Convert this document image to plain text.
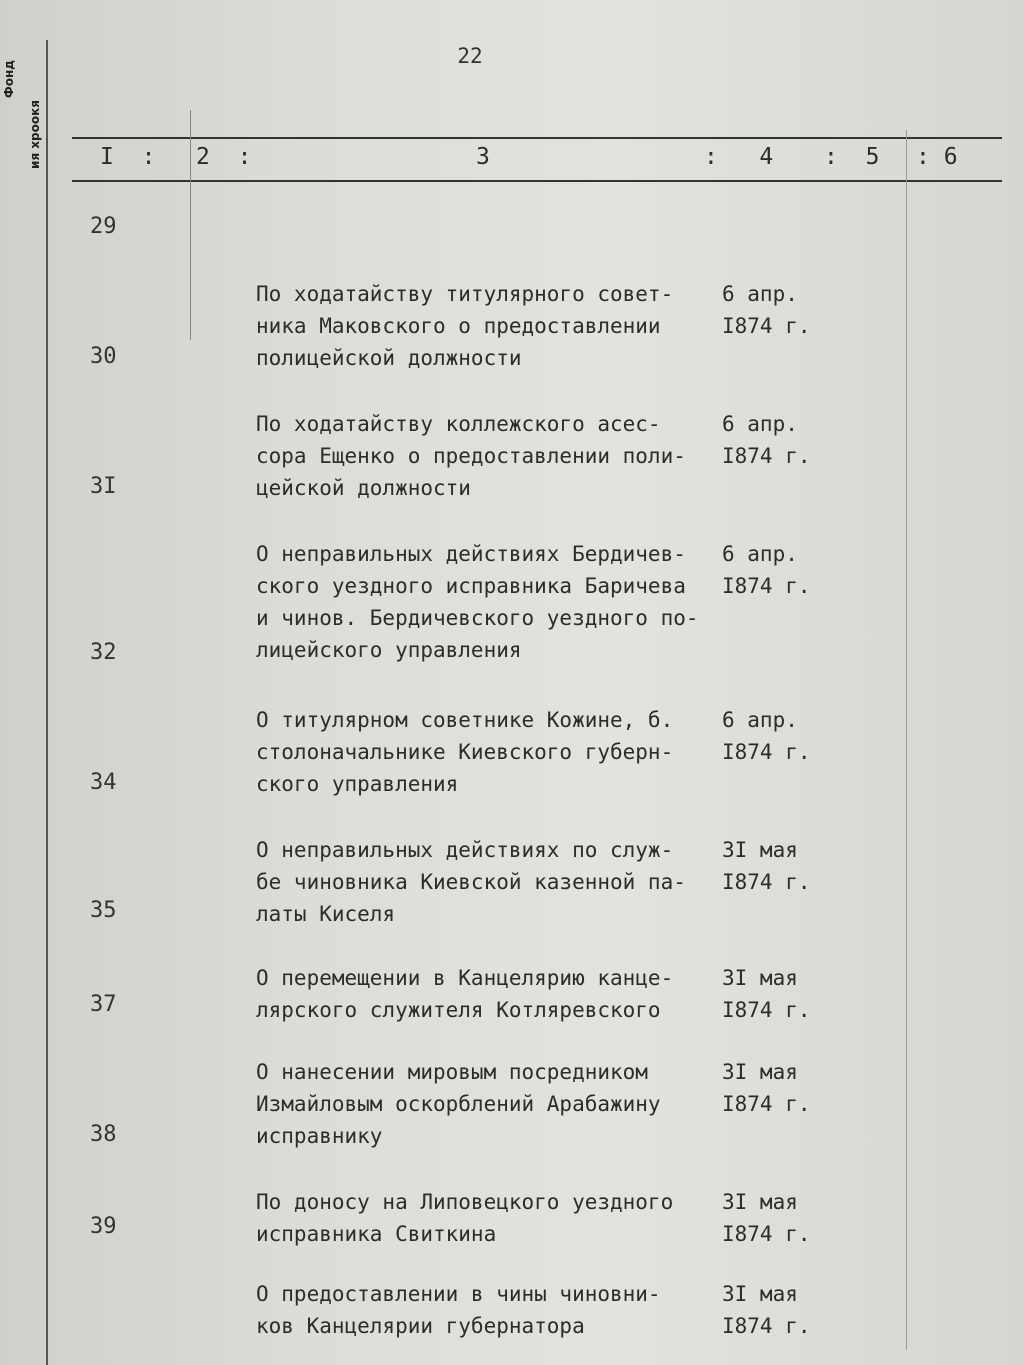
Фонд
ия хроокя
22
I : 2 :	3	: 4 : 5 : 6
29

По ходатайству титулярного совет-
ника Маковского о предоставлении
полицейской должности

6 апр.
I874 г.

30

По ходатайству коллежского асес-
сора Ещенко о предоставлении поли-
цейской должности

6 апр.
I874 г.

3I

О неправильных действиях Бердичев-
ского уездного исправника Баричева
и чинов. Бердичевского уездного по-
лицейского управления

6 апр.
I874 г.

32

О титулярном советнике Кожине, б.
столоначальнике Киевского губерн-
ского управления

6 апр.
I874 г.

34

О неправильных действиях по служ-
бе чиновника Киевской казенной па-
латы Киселя

3I мая
I874 г.

35

О перемещении в Канцелярию канце-
лярского служителя Котляревского

3I мая
I874 г.

37

О нанесении мировым посредником
Измайловым оскорблений Арабажину
исправнику

3I мая
I874 г.

38

По доносу на Липовецкого уездного
исправника Свиткина

3I мая
I874 г.

39

О предоставлении в чины чиновни-
ков Канцелярии губернатора

3I мая
I874 г.
